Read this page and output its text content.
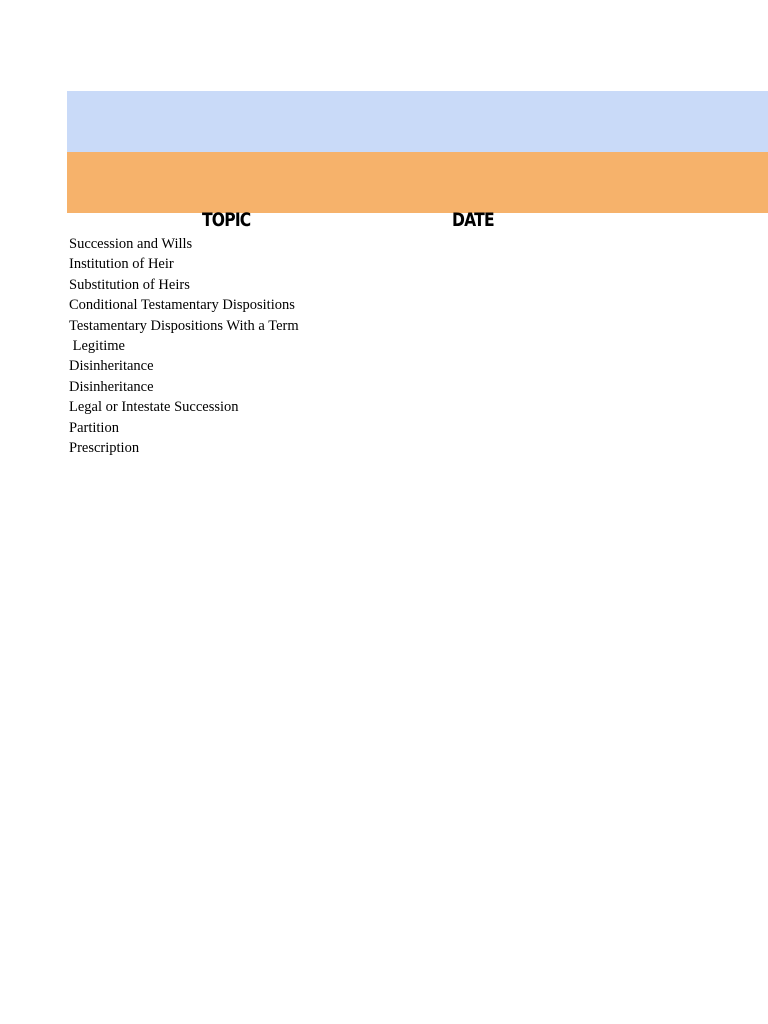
TOPIC	DATE
Succession and Wills
Institution of Heir
Substitution of Heirs
Conditional Testamentary Dispositions
Testamentary Dispositions With a Term
Legitime
Disinheritance
Disinheritance
Legal or Intestate Succession
Partition
Prescription
